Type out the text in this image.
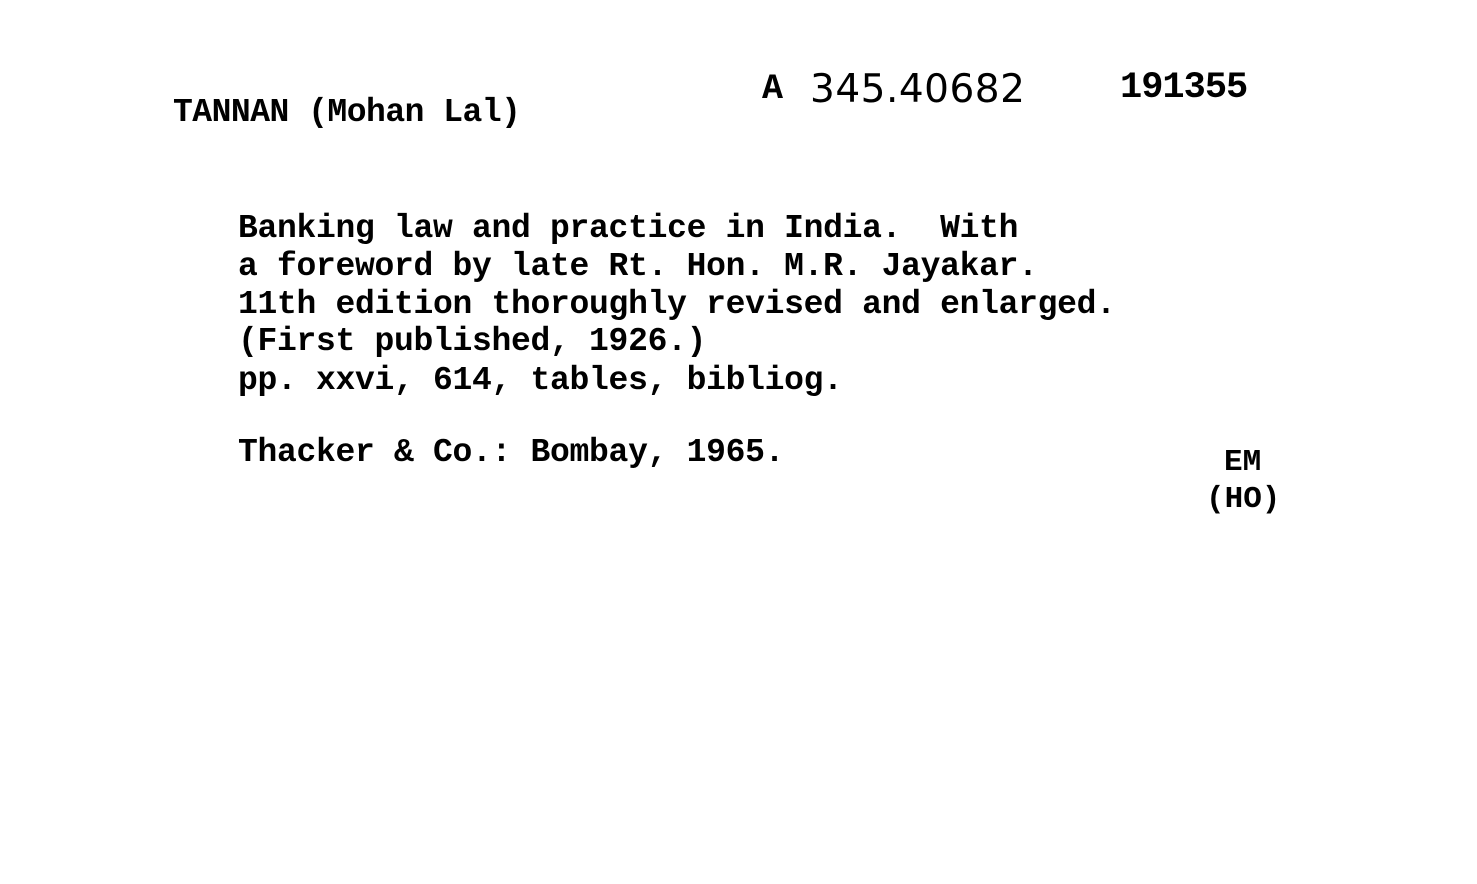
TANNAN (Mohan Lal)
A 345.40682	191355
Banking law and practice in India.  With
a foreword by late Rt. Hon. M.R. Jayakar.
11th edition thoroughly revised and enlarged.
(First published, 1926.)
pp. xxvi, 614, tables, bibliog.
Thacker & Co.: Bombay, 1965.	EM
(HO)
